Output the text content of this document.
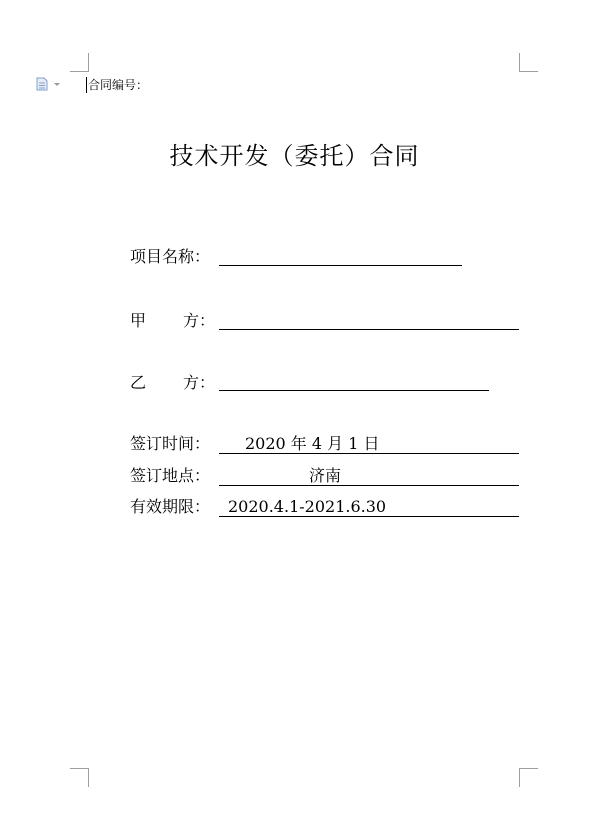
合同编号：
技术开发（委托）合同
项目名称：
甲 方：
乙 方：
签订时间： 2020 年 4 月 1 日
签订地点：	济南
有效期限： 2020.4.1-2021.6.30
